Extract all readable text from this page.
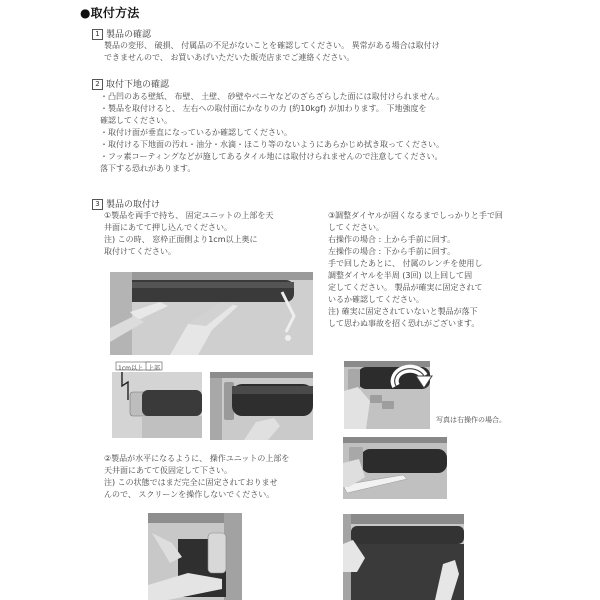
●取付方法
1 製品の確認
製品の変形、 破損、 付属品の不足がないことを確認してください。 異常がある場合は取付け
できませんので、 お買いあげいただいた販売店までご連絡ください。
2 取付下地の確認
・凸凹のある壁紙、 布壁、 土壁、 砂壁やベニヤなどのざらざらした面には取付けられません。
・製品を取付けると、 左右への取付面にかなりの力 (約10kgf) が加わります。 下地強度を
確認してください。
・取付け面が垂直になっているか確認してください。
・取付ける下地面の汚れ・油分・水滴・ほこり等のないようにあらかじめ拭き取ってください。
・フッ素コーティングなどが施してあるタイル地には取付けられませんので注意してください。
落下する恐れがあります。
3 製品の取付け
①製品を両手で持ち、 固定ユニットの上部を天
井面にあてて押し込んでください。
注) この時、 窓枠正面側より1cm以上奥に
取付けてください。
③調整ダイヤルが固くなるまでしっかりと手で回
してください。
右操作の場合 : 上から手前に回す。
左操作の場合 : 下から手前に回す。
手で回したあとに、 付属のレンチを使用し
調整ダイヤルを半周 (3回) 以上回して固
定してください。 製品が確実に固定されて
いるか確認してください。
注) 確実に固定されていないと製品が落下
して思わぬ事故を招く恐れがございます。
1cm以上 上部
②製品が水平になるように、 操作ユニットの上部を
天井面にあてて仮固定して下さい。
注) この状態ではまだ完全に固定されておりませ
んので、 スクリーンを操作しないでください。
写真は右操作の場合。
